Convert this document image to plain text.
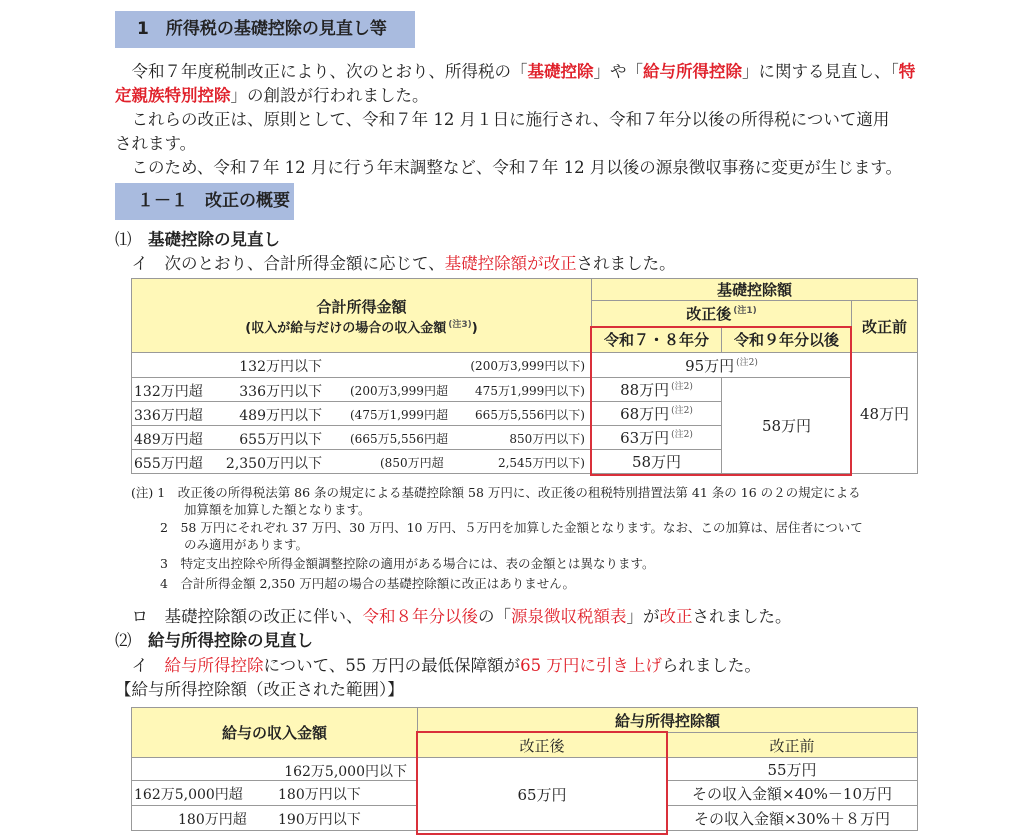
1　所得税の基礎控除の見直し等
　令和７年度税制改正により、次のとおり、所得税の「基礎控除」や「給与所得控除」に関する見直し、「特
定親族特別控除」の創設が行われました。
　これらの改正は、原則として、令和７年 12 月１日に施行され、令和７年分以後の所得税について適用
されます。
　このため、令和７年 12 月に行う年末調整など、令和７年 12 月以後の源泉徴収事務に変更が生じます。
１－１　改正の概要
⑴　 基礎控除の見直し
　イ　次のとおり、合計所得金額に応じて、基礎控除額が改正されました。
合計所得金額
(収入が給与だけの場合の収入金額 $^{(注3)}$)	基礎控除額		
	改正後 $^{(注1)}$		改正前
	令和７・８年分	令和９年分以後	

132万円以下 (200万3,999円以下)	95万円 $^{(注2)}$		48万円

132万円超 336万円以下 (200万3,999円超 475万1,999円以下)	88万円 $^{(注2)}$	58万円	

336万円超 489万円以下 (475万1,999円超 665万5,556円以下)	68万円 $^{(注2)}$

489万円超 655万円以下 (665万5,556円超 850万円以下)	63万円 $^{(注2)}$

655万円超 2,350万円以下 (850万円超 2,545万円以下)	58万円		
(注) 1　 改正後の所得税法第 86 条の規定による基礎控除額 58 万円に、改正後の租税特別措置法第 41 条の 16 の２の規定による
加算額を加算した額となります。
2　 58 万円にそれぞれ 37 万円、30 万円、10 万円、５万円を加算した金額となります。なお、この加算は、居住者について
のみ適用があります。
3　 特定支出控除や所得金額調整控除の適用がある場合には、表の金額とは異なります。
4　 合計所得金額 2,350 万円超の場合の基礎控除額に改正はありません。
　ロ　基礎控除額の改正に伴い、令和８年分以後の「源泉徴収税額表」が改正されました。
⑵　 給与所得控除の見直し
　イ　給与所得控除について、55 万円の最低保障額が65 万円に引き上げられました。
【給与所得控除額（改正された範囲）】
給与の収入金額	給与所得控除額	
	改正後	改正前

162万5,000円以下	65万円	55万円

162万5,000円超 180万円以下		その収入金額×40%－10万円

180万円超 190万円以下		その収入金額×30%＋８万円
